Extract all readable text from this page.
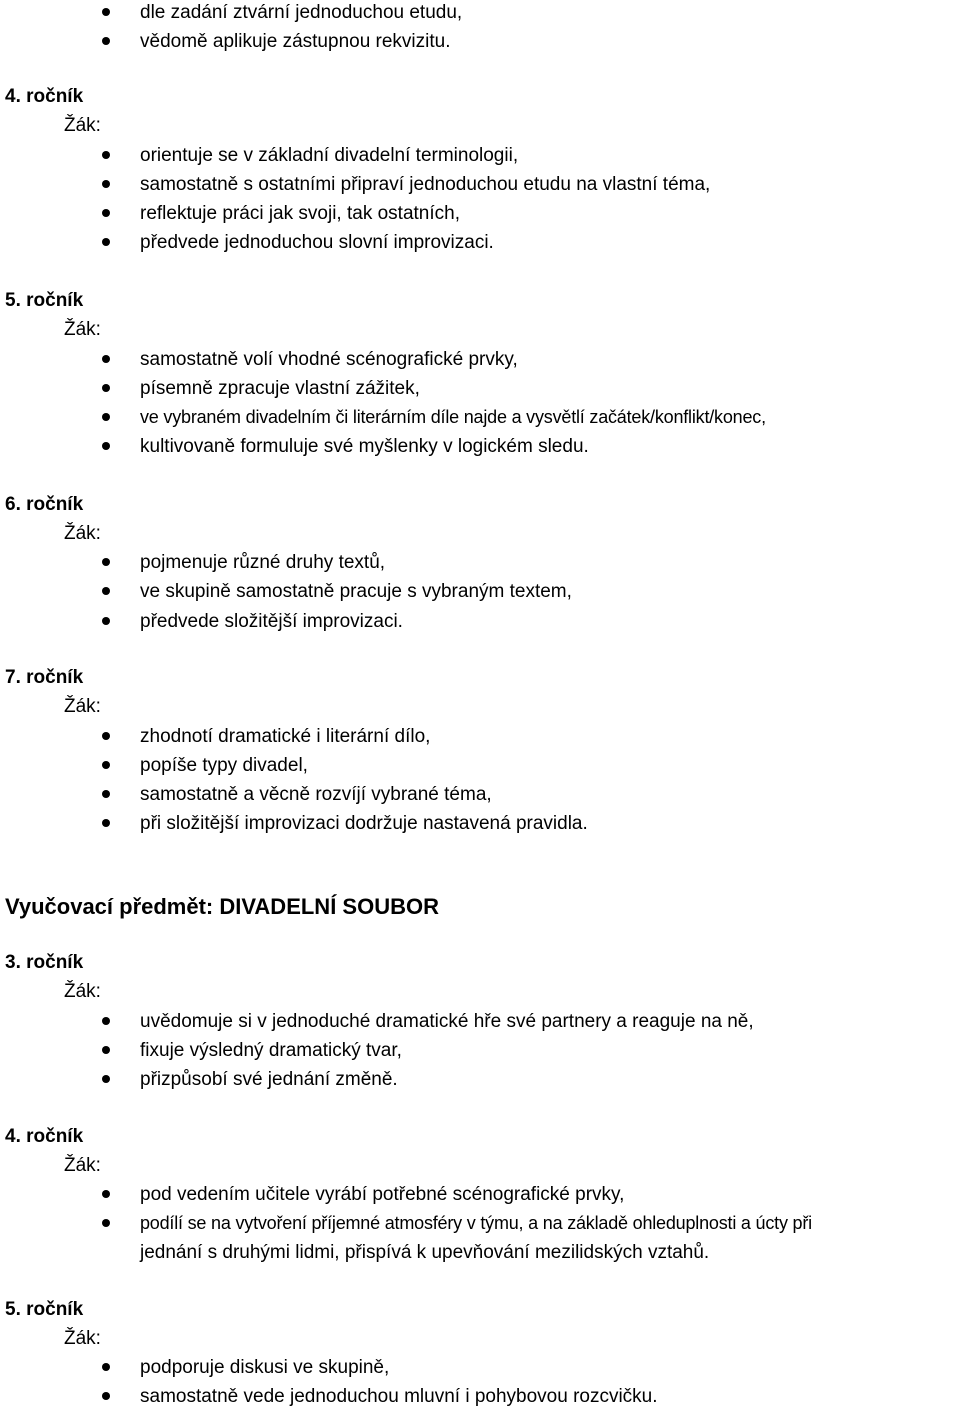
dle zadání ztvární jednoduchou etudu,
vědomě aplikuje zástupnou rekvizitu.
4. ročník
Žák:
orientuje se v základní divadelní terminologii,
samostatně s ostatními připraví jednoduchou etudu na vlastní téma,
reflektuje práci jak svoji, tak ostatních,
předvede jednoduchou slovní improvizaci.
5. ročník
Žák:
samostatně volí vhodné scénografické prvky,
písemně zpracuje vlastní zážitek,
ve vybraném divadelním či literárním díle najde a vysvětlí začátek/konflikt/konec,
kultivovaně formuluje své myšlenky v logickém sledu.
6. ročník
Žák:
pojmenuje různé druhy textů,
ve skupině samostatně pracuje s vybraným textem,
předvede složitější improvizaci.
7. ročník
Žák:
zhodnotí dramatické i literární dílo,
popíše typy divadel,
samostatně a věcně rozvíjí vybrané téma,
při složitější improvizaci dodržuje nastavená pravidla.
Vyučovací předmět: DIVADELNÍ SOUBOR
3. ročník
Žák:
uvědomuje si v jednoduché dramatické hře své partnery a reaguje na ně,
fixuje výsledný dramatický tvar,
přizpůsobí své jednání změně.
4. ročník
Žák:
pod vedením učitele vyrábí potřebné scénografické prvky,
podílí se na vytvoření příjemné atmosféry v týmu, a na základě ohleduplnosti a úcty při
jednání s druhými lidmi, přispívá k upevňování mezilidských vztahů.
5. ročník
Žák:
podporuje diskusi ve skupině,
samostatně vede jednoduchou mluvní i pohybovou rozcvičku.
